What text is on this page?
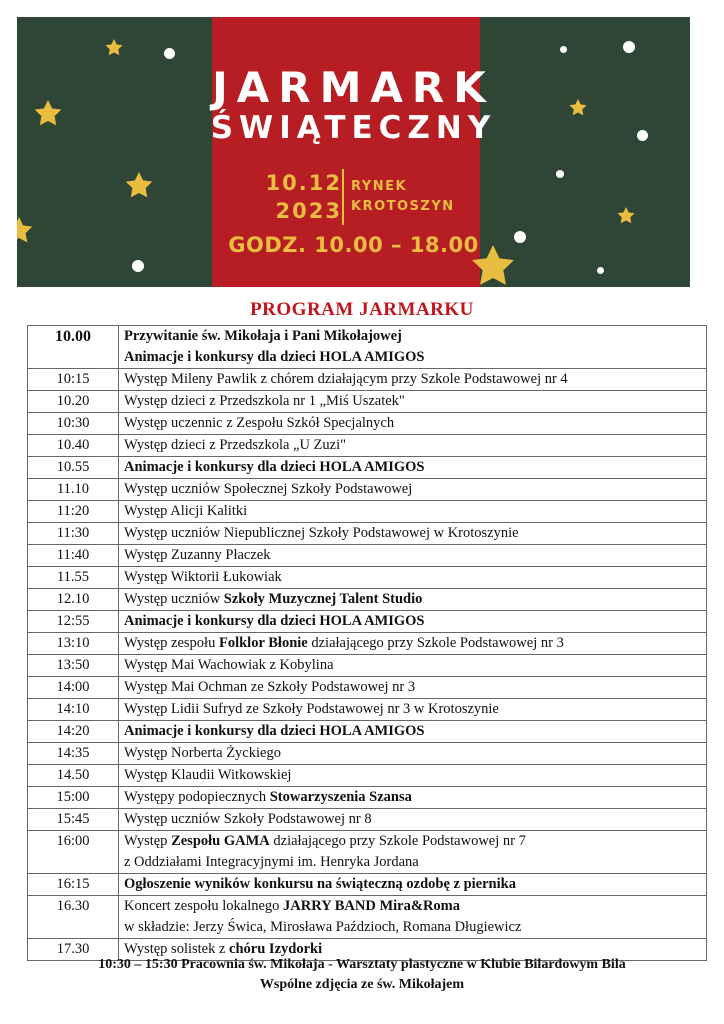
JARMARK
ŚWIĄTECZNY
10.12
2023
RYNEK
KROTOSZYN
GODZ. 10.00 – 18.00
PROGRAM JARMARKU
10.00	Przywitanie św. Mikołaja i Pani Mikołajowej
Animacje i konkursy dla dzieci HOLA AMIGOS

10:15	Występ Mileny Pawlik z chórem działającym przy Szkole Podstawowej nr 4

10.20	Występ dzieci z Przedszkola nr 1 „Miś Uszatek"

10:30	Występ uczennic z Zespołu Szkół Specjalnych

10.40	Występ dzieci z Przedszkola „U Zuzi"

10.55	Animacje i konkursy dla dzieci HOLA AMIGOS

11.10	Występ uczniów Społecznej Szkoły Podstawowej

11:20	Występ Alicji Kalitki

11:30	Występ uczniów Niepublicznej Szkoły Podstawowej w Krotoszynie

11:40	Występ Zuzanny Płaczek

11.55	Występ Wiktorii Łukowiak

12.10	Występ uczniów Szkoły Muzycznej Talent Studio

12:55	Animacje i konkursy dla dzieci HOLA AMIGOS

13:10	Występ zespołu Folklor Błonie działającego przy Szkole Podstawowej nr 3

13:50	Występ Mai Wachowiak z Kobylina

14:00	Występ Mai Ochman ze Szkoły Podstawowej nr 3

14:10	Występ Lidii Sufryd ze Szkoły Podstawowej nr 3 w Krotoszynie

14:20	Animacje i konkursy dla dzieci HOLA AMIGOS

14:35	Występ Norberta Życkiego

14.50	Występ Klaudii Witkowskiej

15:00	Występy podopiecznych Stowarzyszenia Szansa

15:45	Występ uczniów Szkoły Podstawowej nr 8

16:00	Występ Zespołu GAMA działającego przy Szkole Podstawowej nr 7
z Oddziałami Integracyjnymi im. Henryka Jordana

16:15	Ogłoszenie wyników konkursu na świąteczną ozdobę z piernika

16.30	Koncert zespołu lokalnego JARRY BAND Mira&Roma
w składzie: Jerzy Świca, Mirosława Paździoch, Romana Długiewicz

17.30	Występ solistek z chóru Izydorki
10:30 – 15:30 Pracownia św. Mikołaja - Warsztaty plastyczne w Klubie Bilardowym Bila
Wspólne zdjęcia ze św. Mikołajem
